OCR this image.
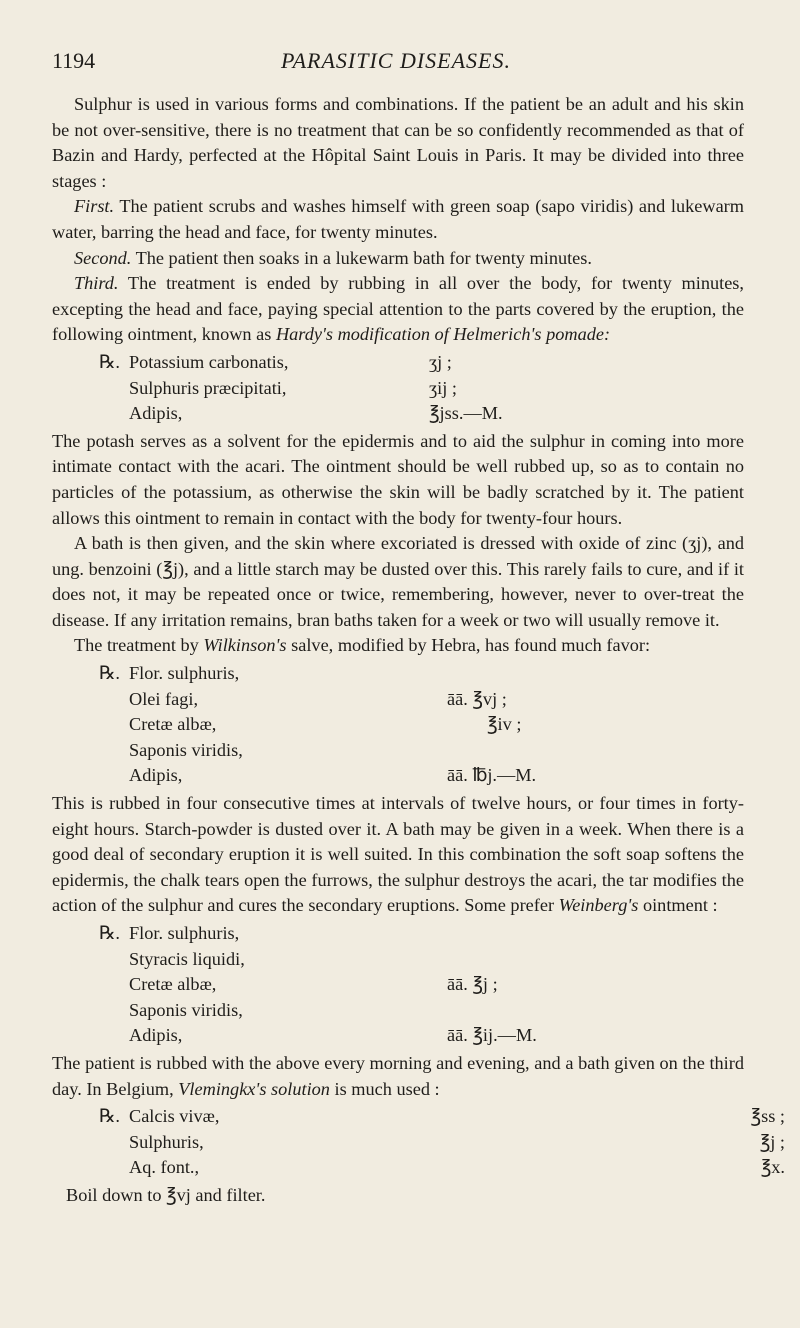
1194	PARASITIC DISEASES.

Sulphur is used in various forms and combinations. If the patient be an adult and his skin be not over-sensitive, there is no treatment that can be so confidently recommended as that of Bazin and Hardy, perfected at the Hôpital Saint Louis in Paris. It may be divided into three stages :

First. The patient scrubs and washes himself with green soap (sapo viridis) and lukewarm water, barring the head and face, for twenty minutes.

Second. The patient then soaks in a lukewarm bath for twenty minutes.

Third. The treatment is ended by rubbing in all over the body, for twenty minutes, excepting the head and face, paying special attention to the parts covered by the eruption, the following ointment, known as Hardy's modification of Helmerich's pomade:

℞. Potassium carbonatis,	ʒj ;
Sulphuris præcipitati,	ʒij ;
Adipis,	℥jss.—M.

The potash serves as a solvent for the epidermis and to aid the sulphur in coming into more intimate contact with the acari. The ointment should be well rubbed up, so as to contain no particles of the potassium, as otherwise the skin will be badly scratched by it. The patient allows this ointment to remain in contact with the body for twenty-four hours.

A bath is then given, and the skin where excoriated is dressed with oxide of zinc (ʒj), and ung. benzoini (℥j), and a little starch may be dusted over this. This rarely fails to cure, and if it does not, it may be repeated once or twice, remembering, however, never to over-treat the disease. If any irritation remains, bran baths taken for a week or two will usually remove it.

The treatment by Wilkinson's salve, modified by Hebra, has found much favor:

℞. Flor. sulphuris,
Olei fagi,	āā. ℥vj ;
Cretæ albæ,	℥iv ;
Saponis viridis,
Adipis,	āā. ℔j.—M.

This is rubbed in four consecutive times at intervals of twelve hours, or four times in forty-eight hours. Starch-powder is dusted over it. A bath may be given in a week. When there is a good deal of secondary eruption it is well suited. In this combination the soft soap softens the epidermis, the chalk tears open the furrows, the sulphur destroys the acari, the tar modifies the action of the sulphur and cures the secondary eruptions. Some prefer Weinberg's ointment :

℞. Flor. sulphuris,
Styracis liquidi,
Cretæ albæ,	āā. ℥j ;
Saponis viridis,
Adipis,	āā. ℥ij.—M.

The patient is rubbed with the above every morning and evening, and a bath given on the third day. In Belgium, Vlemingkx's solution is much used :

℞. Calcis vivæ,	℥ss ;
Sulphuris,	℥j ;
Aq. font.,	℥x.
Boil down to ℥vj and filter.
